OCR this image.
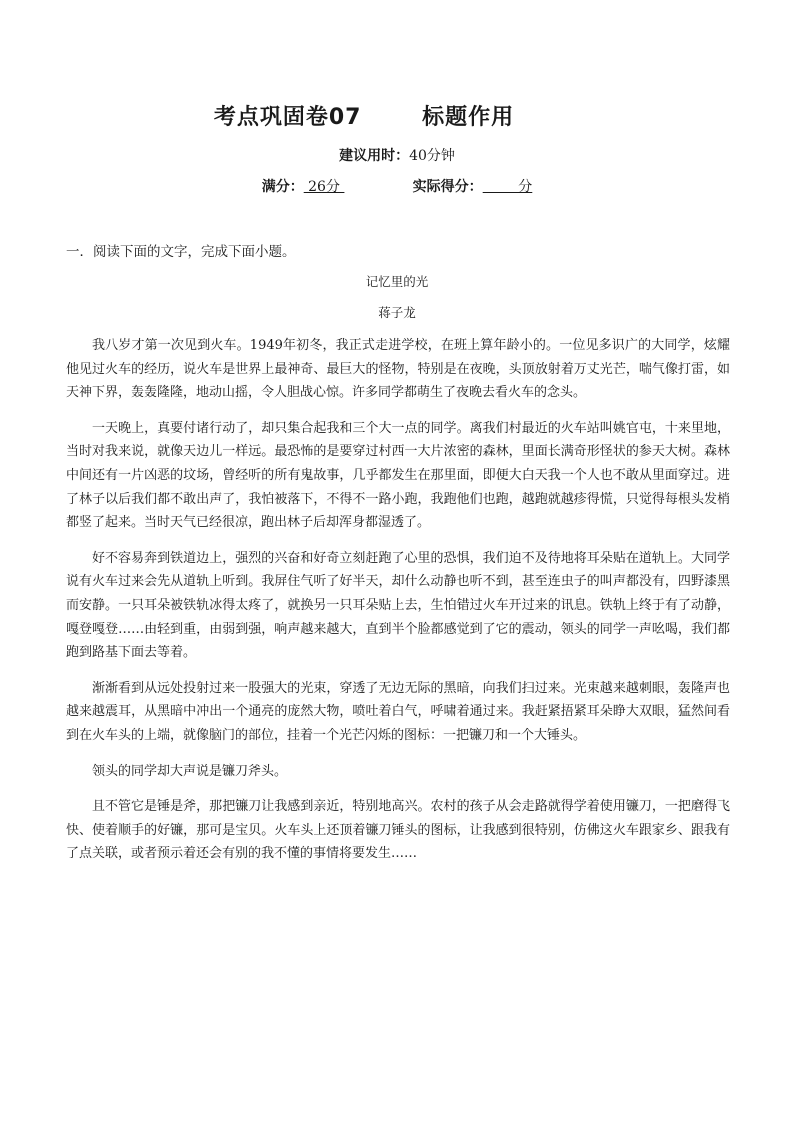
考点巩固卷07       标题作用
建议用时：40分钟
满分： 26分	实际得分：        分
一．阅读下面的文字，完成下面小题。
记忆里的光
蒋子龙

我八岁才第一次见到火车。1949年初冬，我正式走进学校，在班上算年龄小的。一位见多识广的大同学，炫耀他见过火车的经历，说火车是世界上最神奇、最巨大的怪物，特别是在夜晚，头顶放射着万丈光芒，喘气像打雷，如天神下界，轰轰隆隆，地动山摇，令人胆战心惊。许多同学都萌生了夜晚去看火车的念头。

一天晚上，真要付诸行动了，却只集合起我和三个大一点的同学。离我们村最近的火车站叫姚官屯，十来里地，当时对我来说，就像天边儿一样远。最恐怖的是要穿过村西一大片浓密的森林，里面长满奇形怪状的参天大树。森林中间还有一片凶恶的坟场，曾经听的所有鬼故事，几乎都发生在那里面，即便大白天我一个人也不敢从里面穿过。进了林子以后我们都不敢出声了，我怕被落下，不得不一路小跑，我跑他们也跑，越跑就越疹得慌，只觉得每根头发梢都竖了起来。当时天气已经很凉，跑出林子后却浑身都湿透了。

好不容易奔到铁道边上，强烈的兴奋和好奇立刻赶跑了心里的恐惧，我们迫不及待地将耳朵贴在道轨上。大同学说有火车过来会先从道轨上听到。我屏住气听了好半天，却什么动静也听不到，甚至连虫子的叫声都没有，四野漆黑而安静。一只耳朵被铁轨冰得太疼了，就换另一只耳朵贴上去，生怕错过火车开过来的讯息。铁轨上终于有了动静，嘎登嘎登……由轻到重，由弱到强，响声越来越大，直到半个脸都感觉到了它的震动，领头的同学一声吆喝，我们都跑到路基下面去等着。

渐渐看到从远处投射过来一股强大的光束，穿透了无边无际的黑暗，向我们扫过来。光束越来越刺眼，轰隆声也越来越震耳，从黑暗中冲出一个通亮的庞然大物，喷吐着白气，呼啸着通过来。我赶紧捂紧耳朵睁大双眼，猛然间看到在火车头的上端，就像脑门的部位，挂着一个光芒闪烁的图标：一把镰刀和一个大锤头。

领头的同学却大声说是镰刀斧头。

且不管它是锤是斧，那把镰刀让我感到亲近，特别地高兴。农村的孩子从会走路就得学着使用镰刀，一把磨得飞快、使着顺手的好镰，那可是宝贝。火车头上还顶着镰刀锤头的图标，让我感到很特别，仿佛这火车跟家乡、跟我有了点关联，或者预示着还会有别的我不懂的事情将要发生……
